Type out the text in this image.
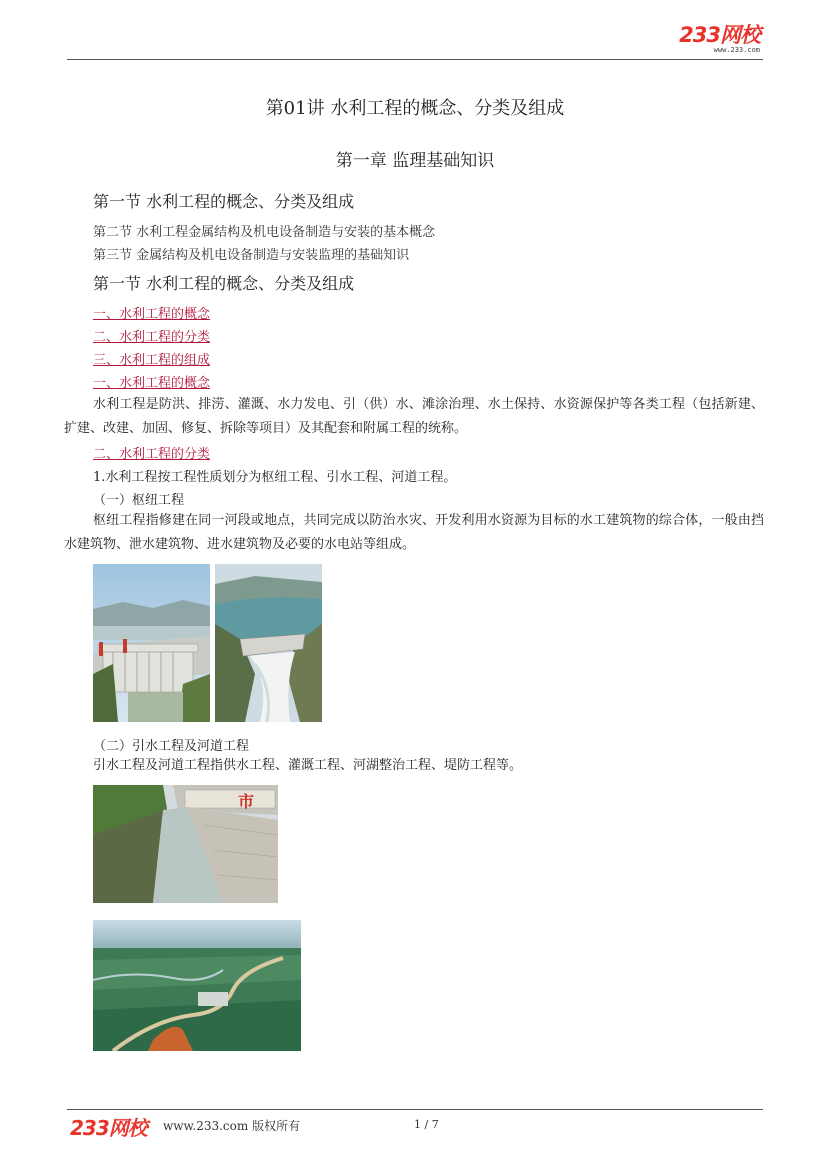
233网校
www.233.com
第01讲 水利工程的概念、分类及组成
第一章 监理基础知识
第一节 水利工程的概念、分类及组成
第二节 水利工程金属结构及机电设备制造与安装的基本概念
第三节 金属结构及机电设备制造与安装监理的基础知识
第一节 水利工程的概念、分类及组成
一、水利工程的概念
二、水利工程的分类
三、水利工程的组成
一、水利工程的概念
水利工程是防洪、排涝、灌溉、水力发电、引（供）水、滩涂治理、水土保持、水资源保护等各类工程（包括新建、扩建、改建、加固、修复、拆除等项目）及其配套和附属工程的统称。
二、水利工程的分类
1.水利工程按工程性质划分为枢纽工程、引水工程、河道工程。
（一）枢纽工程
枢纽工程指修建在同一河段或地点，共同完成以防治水灾、开发利用水资源为目标的水工建筑物的综合体，一般由挡水建筑物、泄水建筑物、进水建筑物及必要的水电站等组成。
（二）引水工程及河道工程
引水工程及河道工程指供水工程、灌溉工程、河湖整治工程、堤防工程等。
市
233网校 www.233.com 版权所有	1 / 7
